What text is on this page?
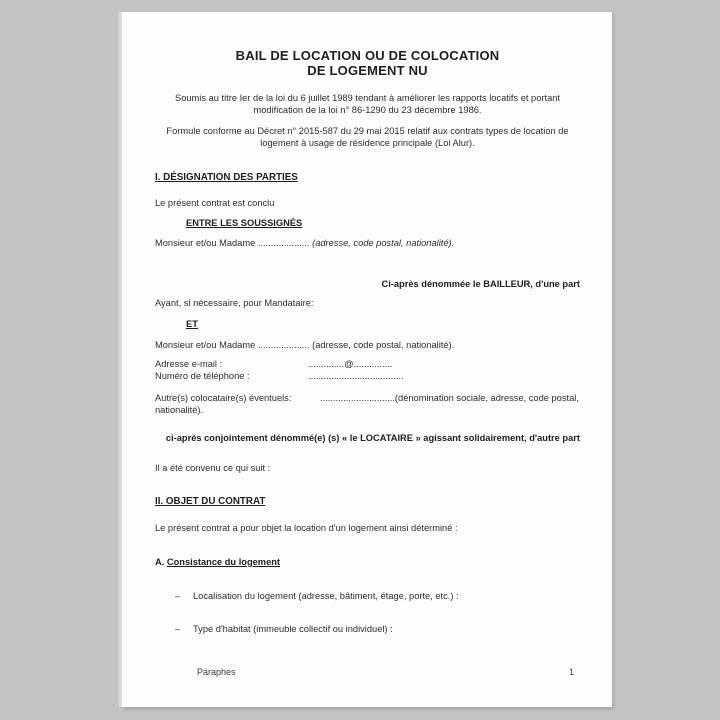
BAIL DE LOCATION OU DE COLOCATION
DE LOGEMENT NU

Soumis au titre Ier de la loi du 6 juillet 1989 tendant à améliorer les rapports locatifs et portant modification de la loi n° 86-1290 du 23 décembre 1986.

Formule conforme au Décret n° 2015-587 du 29 mai 2015 relatif aux contrats types de location de logement à usage de résidence principale (Loi Alur).

I. DÉSIGNATION DES PARTIES

Le présent contrat est conclu

ENTRE LES SOUSSIGNÉS

Monsieur et/ou Madame .................... (adresse, code postal, nationalité).

Ci-après dénommée le BAILLEUR, d'une part

Ayant, si nécessaire, pour Mandataire:

ET

Monsieur et/ou Madame .................... (adresse, code postal, nationalité).

Adresse e-mail :	..............@...............
Numéro de téléphone :	.....................................
Autre(s) colocataire(s) éventuels:	............................. (dénomination sociale, adresse, code postal,
nationalité).

ci-après conjointement dénommé(e) (s) « le LOCATAIRE » agissant solidairement, d'autre part

Il a été convenu ce qui suit :

II. OBJET DU CONTRAT

Le présent contrat a pour objet la location d'un logement ainsi déterminé :

A. Consistance du logement

–	Localisation du logement (adresse, bâtiment, étage, porte, etc.) :
–	Type d'habitat (immeuble collectif ou individuel) :
Paraphes	1
